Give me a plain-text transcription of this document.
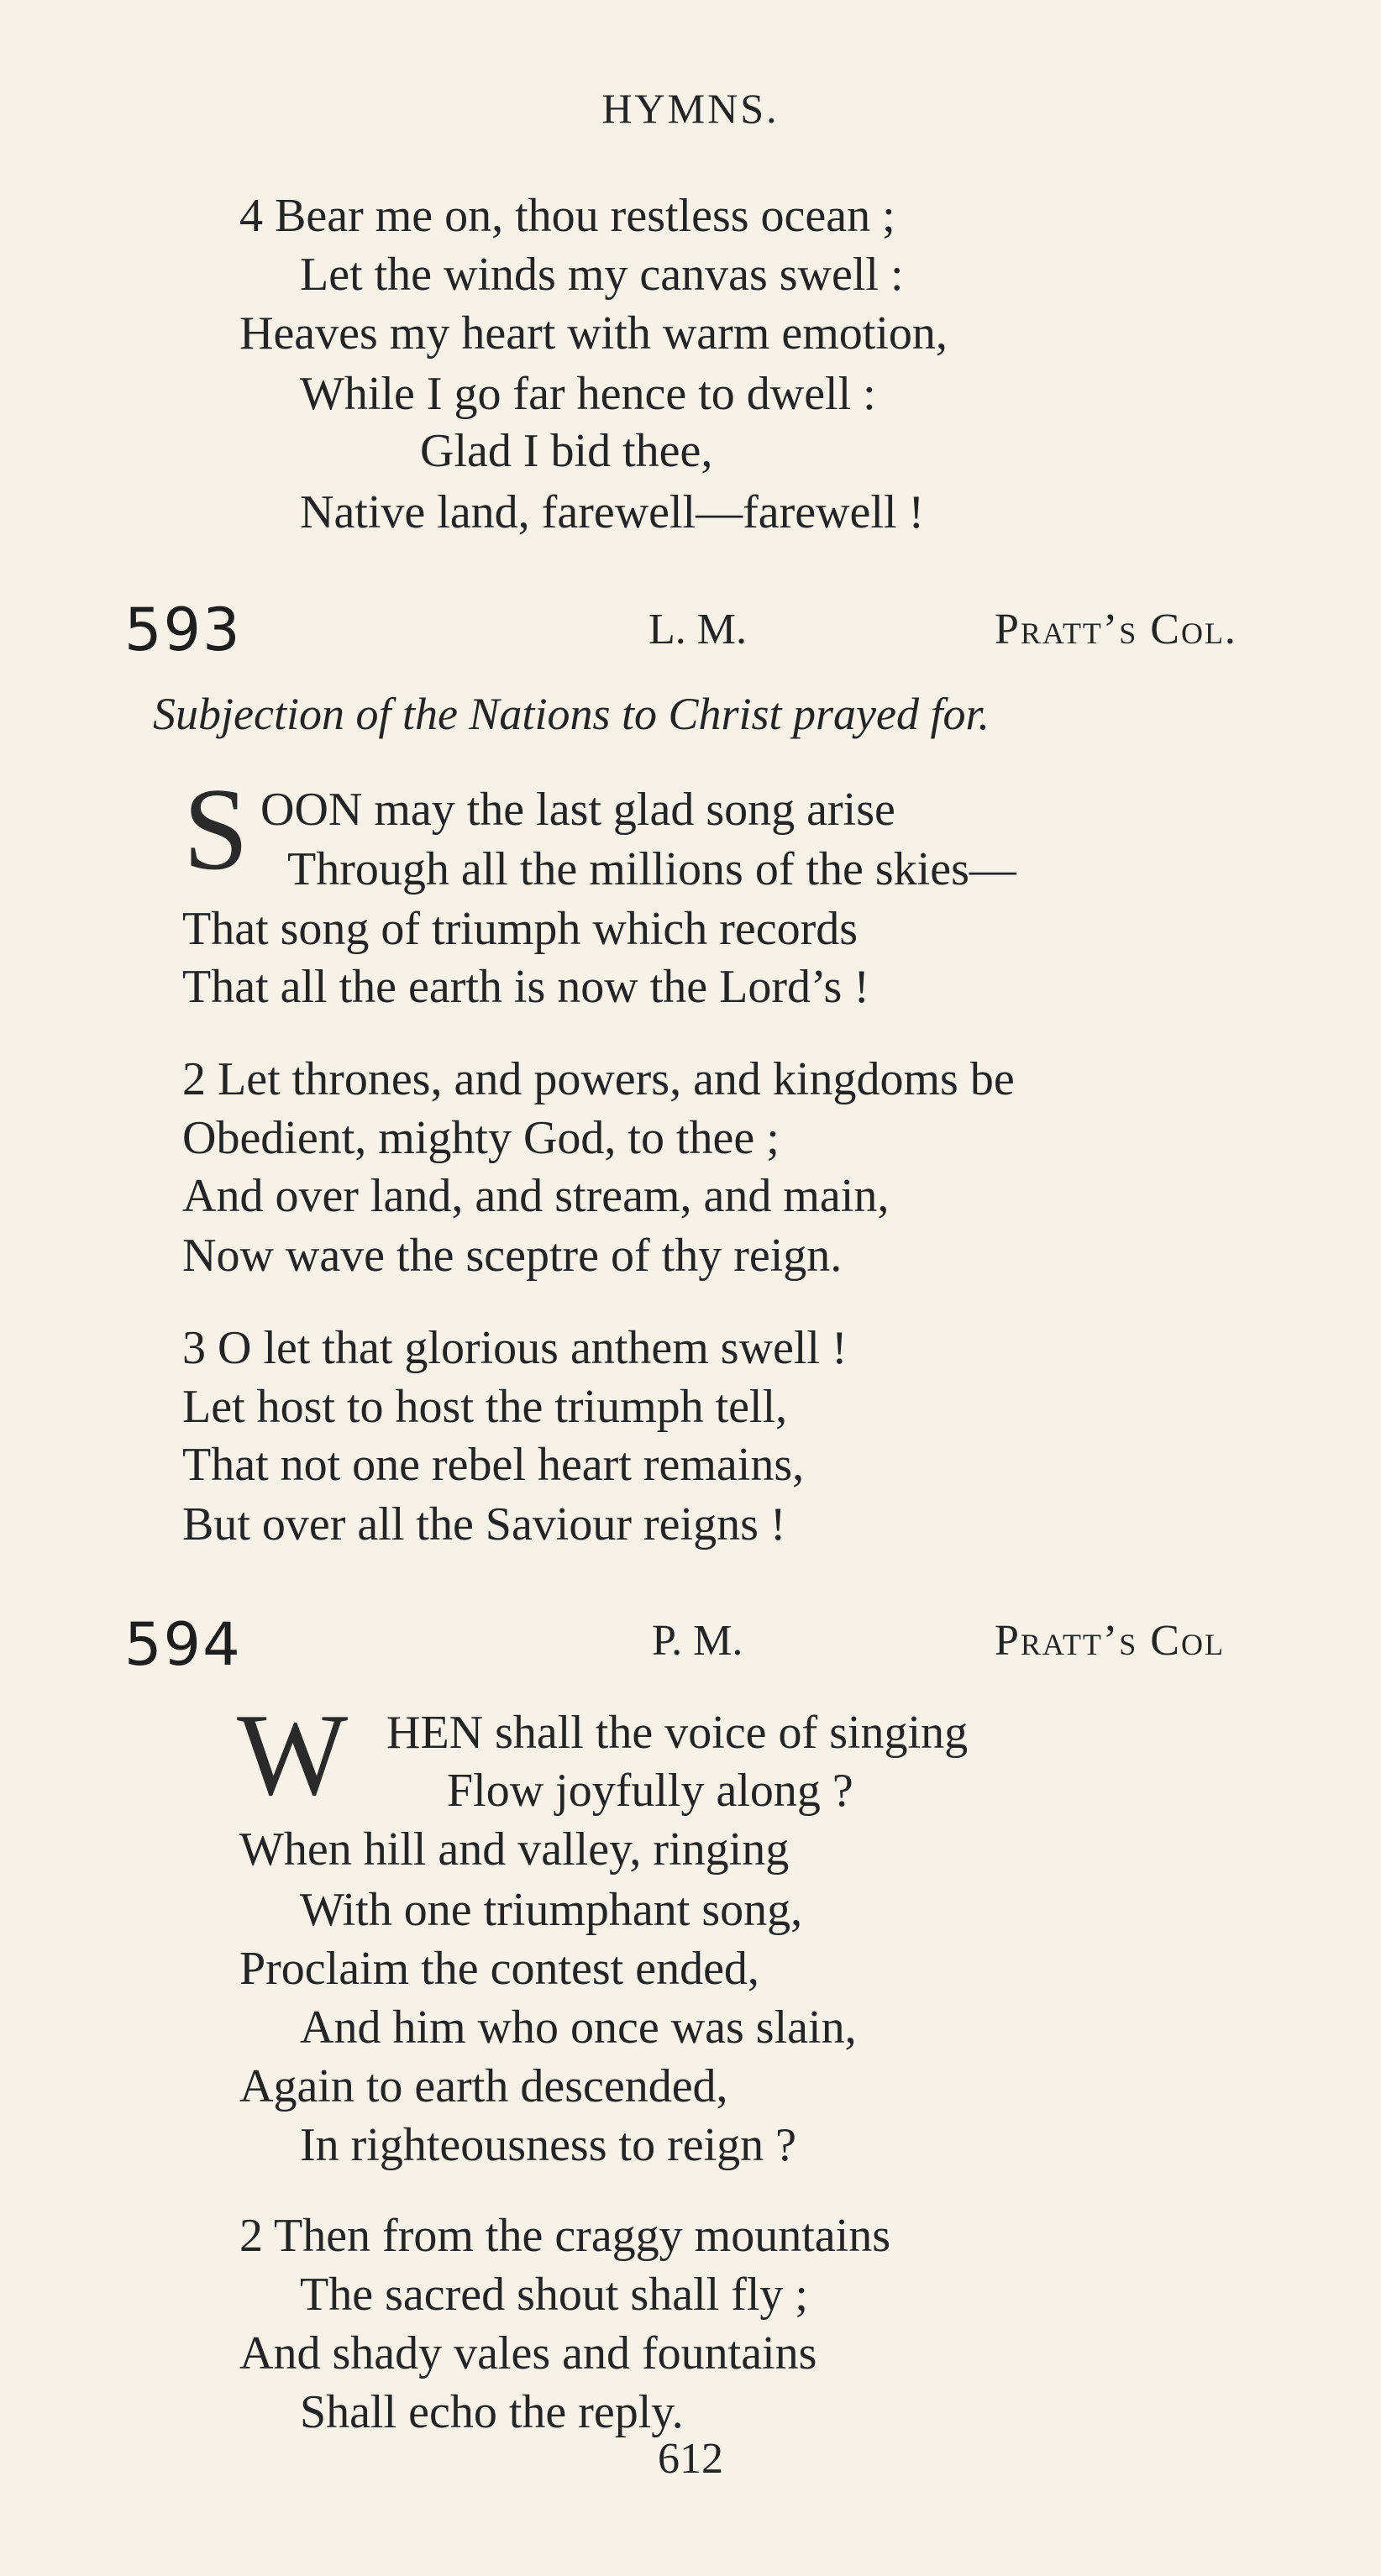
HYMNS.
4 Bear me on, thou restless ocean ;
Let the winds my canvas swell :
Heaves my heart with warm emotion,
While I go far hence to dwell :
Glad I bid thee,
Native land, farewell—farewell !
593	L. M.	Pratt’s Col.
Subjection of the Nations to Christ prayed for.
S OON may the last glad song arise
Through all the millions of the skies—
That song of triumph which records
That all the earth is now the Lord’s !
2 Let thrones, and powers, and kingdoms be
Obedient, mighty God, to thee ;
And over land, and stream, and main,
Now wave the sceptre of thy reign.
3 O let that glorious anthem swell !
Let host to host the triumph tell,
That not one rebel heart remains,
But over all the Saviour reigns !
594	P. M.	Pratt’s Col
W HEN shall the voice of singing
Flow joyfully along ?
When hill and valley, ringing
With one triumphant song,
Proclaim the contest ended,
And him who once was slain,
Again to earth descended,
In righteousness to reign ?
2 Then from the craggy mountains
The sacred shout shall fly ;
And shady vales and fountains
Shall echo the reply.
612
